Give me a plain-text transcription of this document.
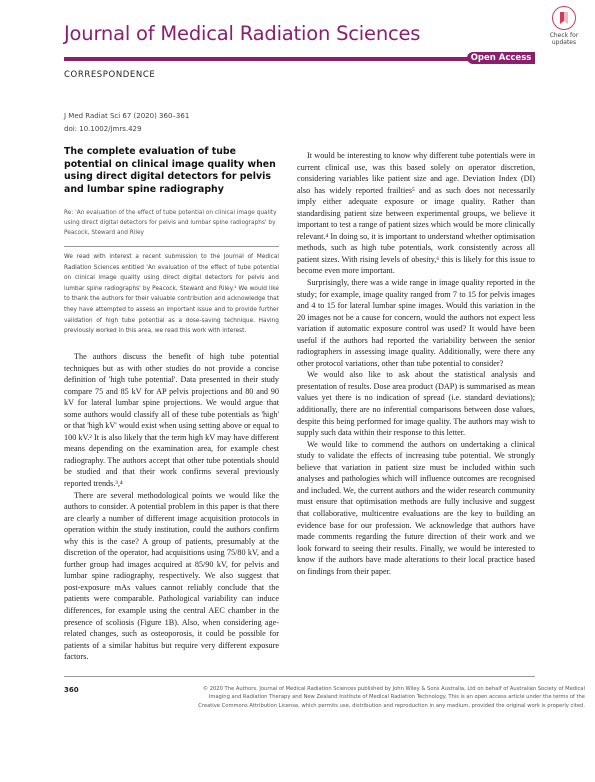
Journal of Medical Radiation Sciences
Open Access
CORRESPONDENCE
Check for
updates
J Med Radiat Sci 67 (2020) 360–361
doi: 10.1002/jmrs.429
The complete evaluation of tube potential on clinical image quality when using direct digital detectors for pelvis and lumbar spine radiography
Re: 'An evaluation of the effect of tube potential on clinical image quality using direct digital detectors for pelvis and lumbar spine radiographs' by Peacock, Steward and Riley
We read with interest a recent submission to the Journal of Medical Radiation Sciences entitled 'An evaluation of the effect of tube potential on clinical image quality using direct digital detectors for pelvis and lumbar spine radiographs' by Peacock, Steward and Riley.¹ We would like to thank the authors for their valuable contribution and acknowledge that they have attempted to assess an important issue and to provide further validation of high tube potential as a dose-saving technique. Having previously worked in this area, we read this work with interest.

The authors discuss the benefit of high tube potential techniques but as with other studies do not provide a concise definition of 'high tube potential'. Data presented in their study compare 75 and 85 kV for AP pelvis projections and 80 and 90 kV for lateral lumbar spine projections. We would argue that some authors would classify all of these tube potentials as 'high' or that 'high kV' would exist when using setting above or equal to 100 kV.² It is also likely that the term high kV may have different means depending on the examination area, for example chest radiography. The authors accept that other tube potentials should be studied and that their work confirms several previously reported trends.³,⁴

There are several methodological points we would like the authors to consider. A potential problem in this paper is that there are clearly a number of different image acquisition protocols in operation within the study institution, could the authors confirm why this is the case? A group of patients, presumably at the discretion of the operator, had acquisitions using 75/80 kV, and a further group had images acquired at 85/90 kV, for pelvis and lumbar spine radiography, respectively. We also suggest that post-exposure mAs values cannot reliably conclude that the patients were comparable. Pathological variability can induce differences, for example using the central AEC chamber in the presence of scoliosis (Figure 1B). Also, when considering age-related changes, such as osteoporosis, it could be possible for patients of a similar habitus but require very different exposure factors.

It would be interesting to know why different tube potentials were in current clinical use, was this based solely on operator discretion, considering variables like patient size and age. Deviation Index (DI) also has widely reported frailties⁵ and as such does not necessarily imply either adequate exposure or image quality. Rather than standardising patient size between experimental groups, we believe it important to test a range of patient sizes which would be more clinically relevant.⁴ In doing so, it is important to understand whether optimisation methods, such as high tube potentials, work consistently across all patient sizes. With rising levels of obesity,⁶ this is likely for this issue to become even more important.

Surprisingly, there was a wide range in image quality reported in the study; for example, image quality ranged from 7 to 15 for pelvis images and 4 to 15 for lateral lumbar spine images. Would this variation in the 20 images not be a cause for concern, would the authors not expect less variation if automatic exposure control was used? It would have been useful if the authors had reported the variability between the senior radiographers in assessing image quality. Additionally, were there any other protocol variations, other than tube potential to consider?

We would also like to ask about the statistical analysis and presentation of results. Dose area product (DAP) is summarised as mean values yet there is no indication of spread (i.e. standard deviations); additionally, there are no inferential comparisons between dose values, despite this being performed for image quality. The authors may wish to supply such data within their response to this letter.

We would like to commend the authors on undertaking a clinical study to validate the effects of increasing tube potential. We strongly believe that variation in patient size must be included within such analyses and pathologies which will influence outcomes are recognised and included. We, the current authors and the wider research community must ensure that optimisation methods are fully inclusive and suggest that collaborative, multicentre evaluations are the key to building an evidence base for our profession. We acknowledge that authors have made comments regarding the future direction of their work and we look forward to seeing their results. Finally, we would be interested to know if the authors have made alterations to their local practice based on findings from their paper.

360	© 2020 The Authors. Journal of Medical Radiation Sciences published by John Wiley & Sons Australia, Ltd on behalf of Australian Society of Medical Imaging and Radiation Therapy and New Zealand Institute of Medical Radiation Technology. This is an open access article under the terms of the Creative Commons Attribution License, which permits use, distribution and reproduction in any medium, provided the original work is properly cited.
